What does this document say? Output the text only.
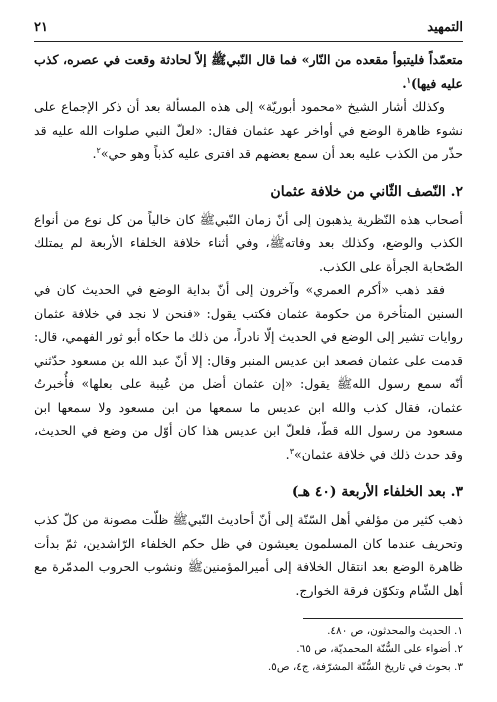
التمهيد
٢١

متعمّداً فليتبوأ مقعده من النّار» فما قال النّبيﷺ إلاّ لحادثة وقعت في عصره، كذب عليه فيها)$^١$.

وكذلك أشار الشيخ «محمود أبوريّة» إلى هذه المسألة بعد أن ذكر الإجماع على نشوء ظاهرة الوضع في أواخر عهد عثمان فقال: «لعلّ النبي صلوات الله عليه قد حذّر من الكذب عليه بعد أن سمع بعضهم قد افترى عليه كذباً وهو حي»$^٢$.

٢. النّصف الثّاني من خلافة عثمان

أصحاب هذه النّظرية يذهبون إلى أنّ زمان النّبيﷺ كان خالياً من كل نوع من أنواع الكذب والوضع، وكذلك بعد وفاتهﷺ، وفي أثناء خلافة الخلفاء الأربعة لم يمتلك الصّحابة الجرأة على الكذب.

فقد ذهب «أكرم العمري» وآخرون إلى أنّ بداية الوضع في الحديث كان في السنين المتأخرة من حكومة عثمان فكتب يقول: «فنحن لا نجد في خلافة عثمان روايات تشير إلى الوضع في الحديث إلّا نادراً، من ذلك ما حكاه أبو ثور الفهمي، قال: قدمت على عثمان فصعد ابن عديس المنبر وقال: إلا أنّ عبد الله بن مسعود حدّثني أنّه سمع رسول اللهﷺ يقول: «إن عثمان أضل من عُيبة على بعلها» فأُخبرتُ عثمان، فقال كذب والله ابن عديس ما سمعها من ابن مسعود ولا سمعها ابن مسعود من رسول الله قطّ، فلعلّ ابن عديس هذا كان أوّل من وضع في الحديث، وقد حدث ذلك في خلافة عثمان»$^٣$.

٣. بعد الخلفاء الأربعة (٤٠ هـ)

ذهب كثير من مؤلفي أهل السّنّة إلى أنّ أحاديث النّبيﷺ ظلّت مصونة من كلّ كذب وتحريف عندما كان المسلمون يعيشون في ظل حكم الخلفاء الرّاشدين، ثمّ بدأت ظاهرة الوضع بعد انتقال الخلافة إلى أميرالمؤمنينﷺ ونشوب الحروب المدمّرة مع أهل الشّام وتكوّن فرقة الخوارج.

١. الحديث والمحدثون، ص ٤٨٠.
٢. أضواء على السُّنّة المحمديّة، ص ٦٥.
٣. بحوث في تاريخ السُّنّة المشرّفة، ج٤، ص٥.
